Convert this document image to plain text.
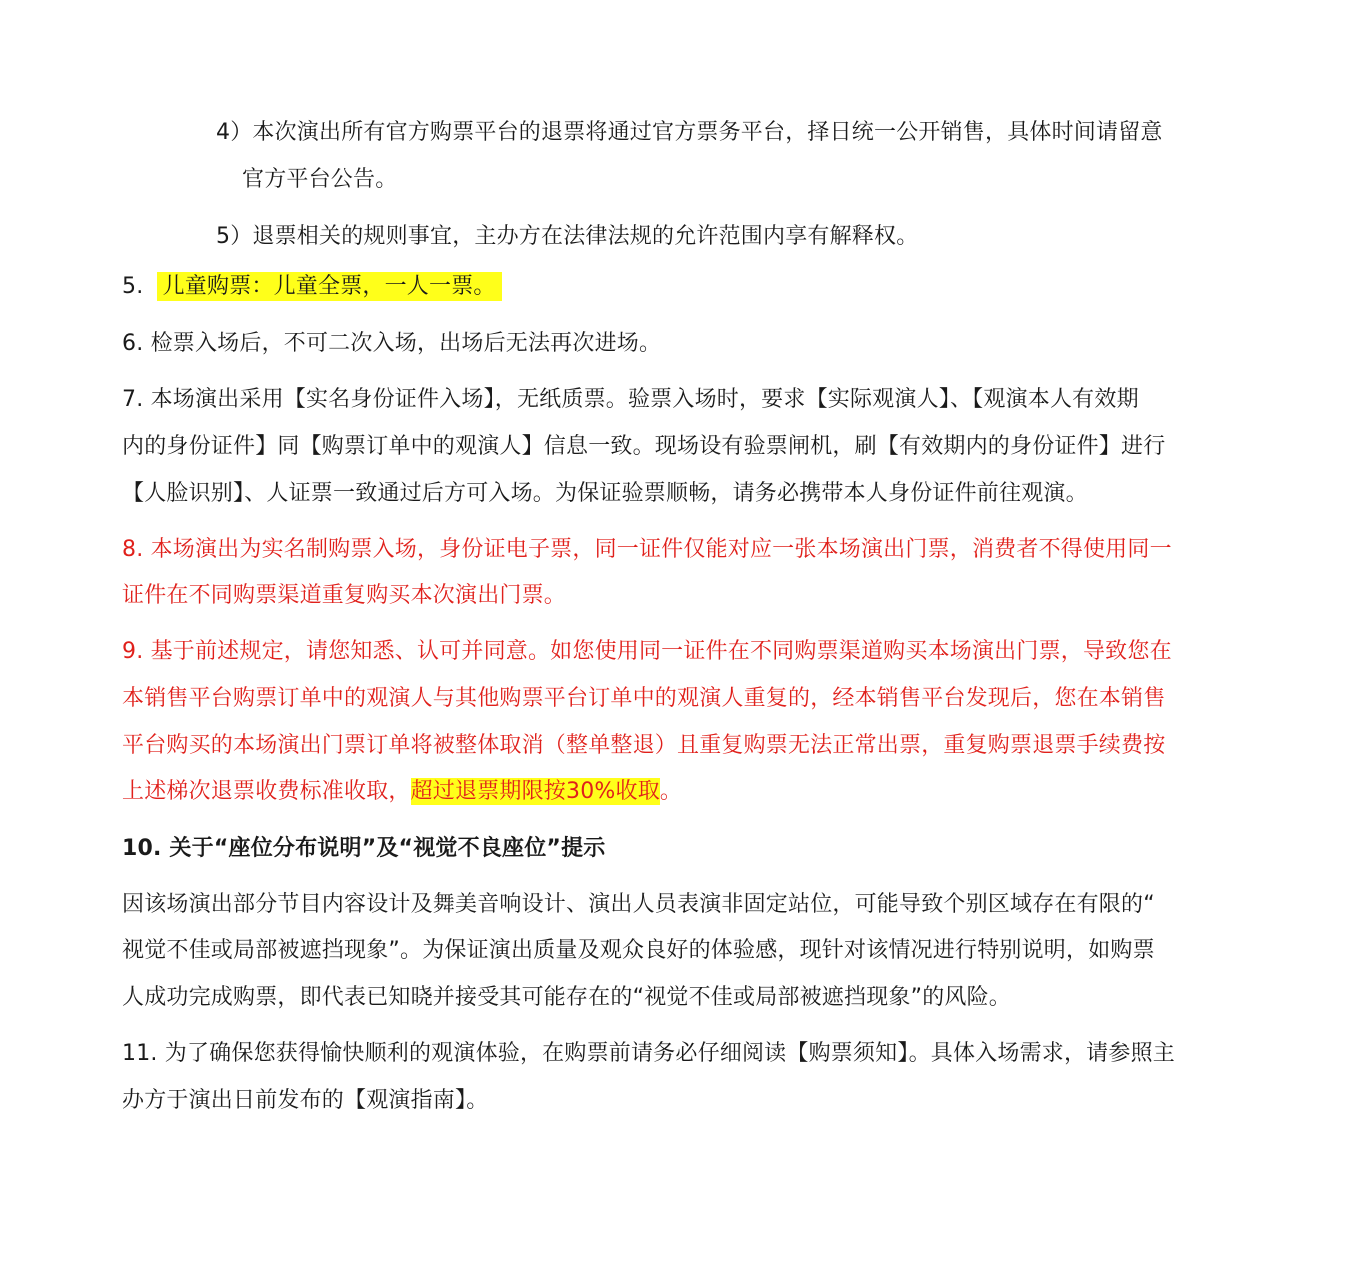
4）本次演出所有官方购票平台的退票将通过官方票务平台，择日统一公开销售，具体时间请留意
官方平台公告。
5）退票相关的规则事宜，主办方在法律法规的允许范围内享有解释权。
5. 儿童购票：儿童全票，一人一票。
6. 检票入场后，不可二次入场，出场后无法再次进场。
7. 本场演出采用【实名身份证件入场】，无纸质票。验票入场时，要求【实际观演人】、【观演本人有效期
内的身份证件】同【购票订单中的观演人】信息一致。现场设有验票闸机，刷【有效期内的身份证件】进行
【人脸识别】、人证票一致通过后方可入场。为保证验票顺畅，请务必携带本人身份证件前往观演。
8. 本场演出为实名制购票入场，身份证电子票，同一证件仅能对应一张本场演出门票，消费者不得使用同一
证件在不同购票渠道重复购买本次演出门票。
9. 基于前述规定，请您知悉、认可并同意。如您使用同一证件在不同购票渠道购买本场演出门票，导致您在
本销售平台购票订单中的观演人与其他购票平台订单中的观演人重复的，经本销售平台发现后，您在本销售
平台购买的本场演出门票订单将被整体取消（整单整退）且重复购票无法正常出票，重复购票退票手续费按
上述梯次退票收费标准收取，超过退票期限按30%收取。
10. 关于“座位分布说明”及“视觉不良座位”提示
因该场演出部分节目内容设计及舞美音响设计、演出人员表演非固定站位，可能导致个别区域存在有限的“
视觉不佳或局部被遮挡现象”。为保证演出质量及观众良好的体验感，现针对该情况进行特别说明，如购票
人成功完成购票，即代表已知晓并接受其可能存在的“视觉不佳或局部被遮挡现象”的风险。
11. 为了确保您获得愉快顺利的观演体验，在购票前请务必仔细阅读【购票须知】。具体入场需求，请参照主
办方于演出日前发布的【观演指南】。
